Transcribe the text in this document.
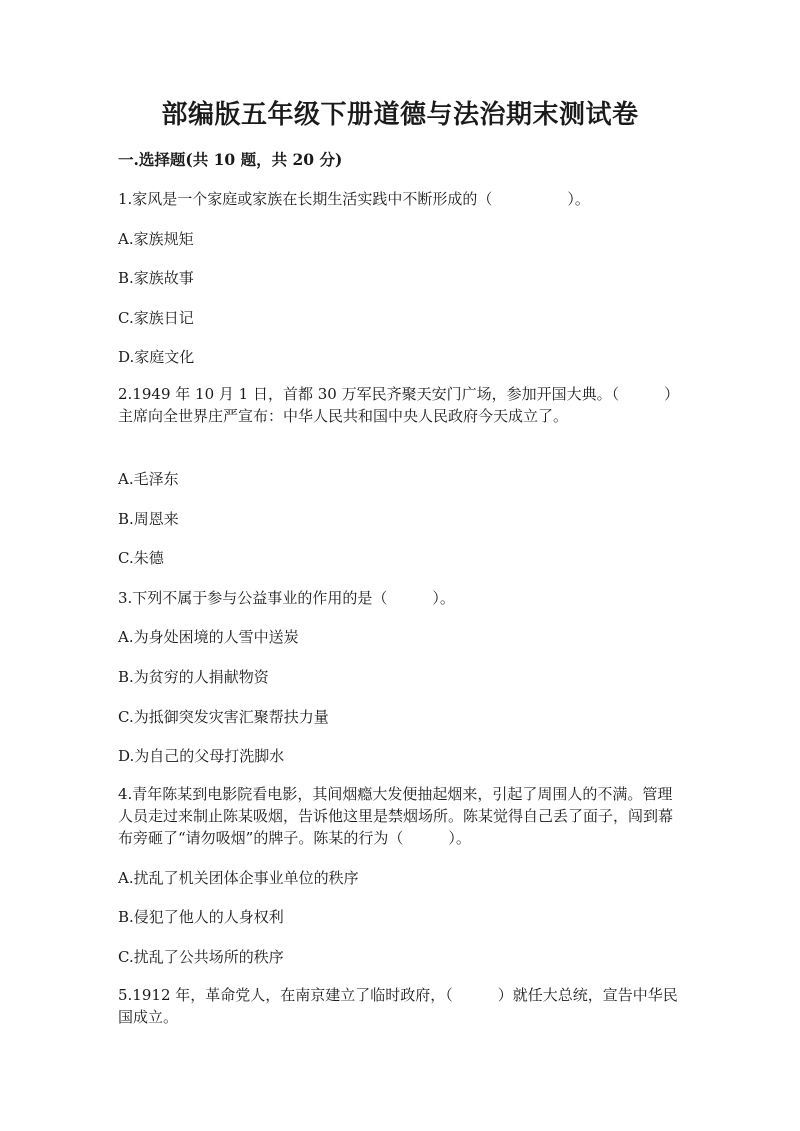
部编版五年级下册道德与法治期末测试卷
一.选择题(共 10 题，共 20 分)
1.家风是一个家庭或家族在长期生活实践中不断形成的（　　　　　）。
A.家族规矩
B.家族故事
C.家族日记
D.家庭文化
2.1949 年 10 月 1 日，首都 30 万军民齐聚天安门广场，参加开国大典。（　　　）主席向全世界庄严宣布：中华人民共和国中央人民政府今天成立了。
A.毛泽东
B.周恩来
C.朱德
3.下列不属于参与公益事业的作用的是（　　　）。
A.为身处困境的人雪中送炭
B.为贫穷的人捐献物资
C.为抵御突发灾害汇聚帮扶力量
D.为自己的父母打洗脚水
4.青年陈某到电影院看电影，其间烟瘾大发便抽起烟来，引起了周围人的不满。管理人员走过来制止陈某吸烟，告诉他这里是禁烟场所。陈某觉得自己丢了面子，闯到幕布旁砸了“请勿吸烟”的牌子。陈某的行为（　　　）。
A.扰乱了机关团体企事业单位的秩序
B.侵犯了他人的人身权利
C.扰乱了公共场所的秩序
5.1912 年，革命党人，在南京建立了临时政府，（　　　）就任大总统，宣告中华民国成立。
